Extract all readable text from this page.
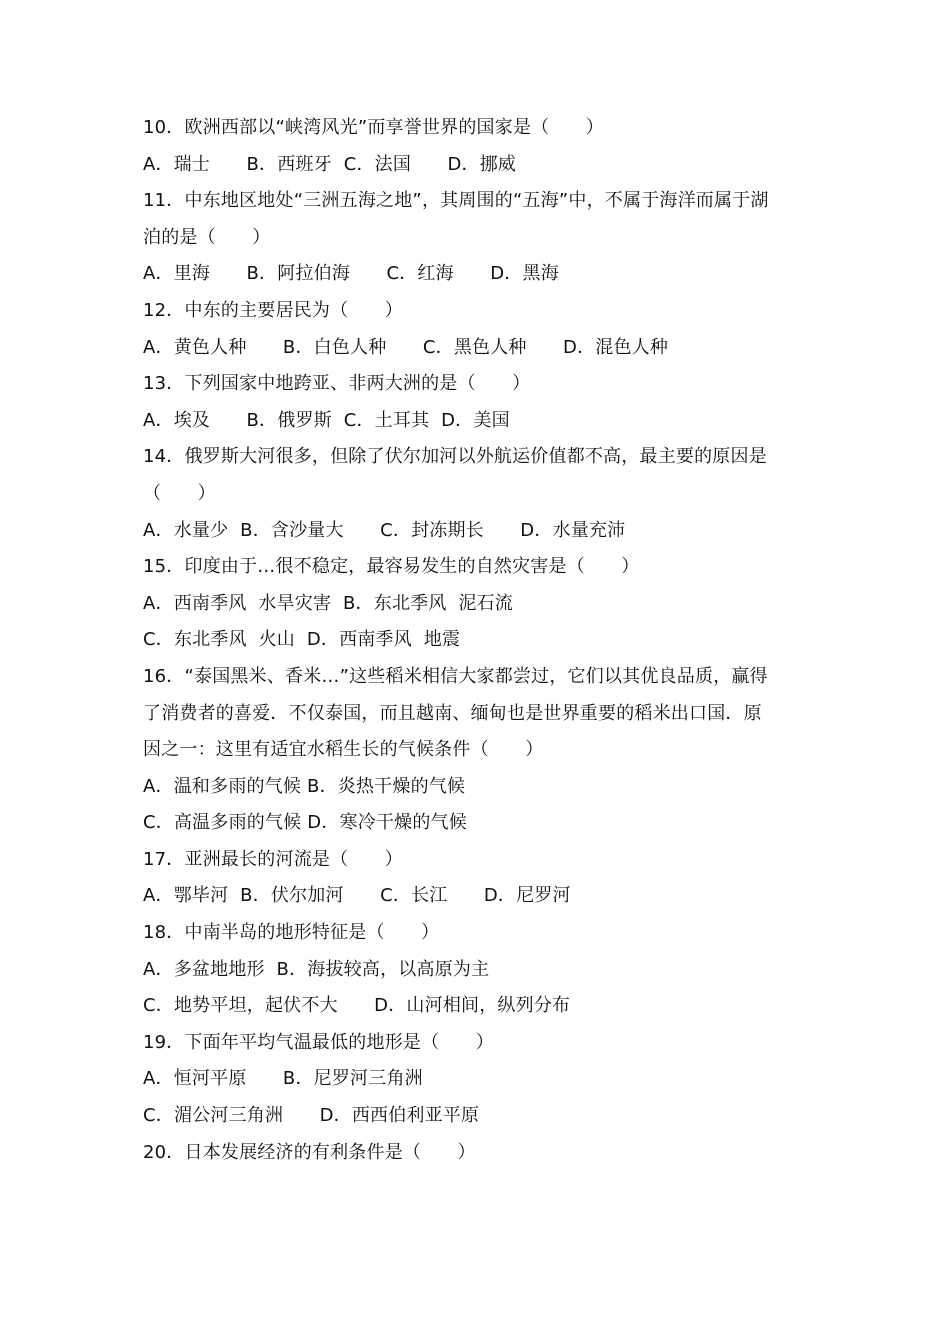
10．欧洲西部以“峡湾风光”而享誉世界的国家是（　　）
A．瑞士　　B．西班牙  C．法国　　D．挪威
11．中东地区地处“三洲五海之地”，其周围的“五海”中，不属于海洋而属于湖
泊的是（　　）
A．里海　　B．阿拉伯海　　C．红海　　D．黑海
12．中东的主要居民为（　　）
A．黄色人种　　B．白色人种　　C．黑色人种　　D．混色人种
13．下列国家中地跨亚、非两大洲的是（　　）
A．埃及　　B．俄罗斯  C．土耳其  D．美国
14．俄罗斯大河很多，但除了伏尔加河以外航运价值都不高，最主要的原因是
（　　）
A．水量少  B．含沙量大　　C．封冻期长　　D．水量充沛
15．印度由于…很不稳定，最容易发生的自然灾害是（　　）
A．西南季风  水旱灾害  B．东北季风  泥石流
C．东北季风  火山  D．西南季风  地震
16．“泰国黑米、香米…”这些稻米相信大家都尝过，它们以其优良品质，赢得
了消费者的喜爱．不仅泰国，而且越南、缅甸也是世界重要的稻米出口国．原
因之一：这里有适宜水稻生长的气候条件（　　）
A．温和多雨的气候 B．炎热干燥的气候
C．高温多雨的气候 D．寒冷干燥的气候
17．亚洲最长的河流是（　　）
A．鄂毕河  B．伏尔加河　　C．长江　　D．尼罗河
18．中南半岛的地形特征是（　　）
A．多盆地地形  B．海拔较高，以高原为主
C．地势平坦，起伏不大　　D．山河相间，纵列分布
19．下面年平均气温最低的地形是（　　）
A．恒河平原　　B．尼罗河三角洲
C．湄公河三角洲　　D．西西伯利亚平原
20．日本发展经济的有利条件是（　　）
